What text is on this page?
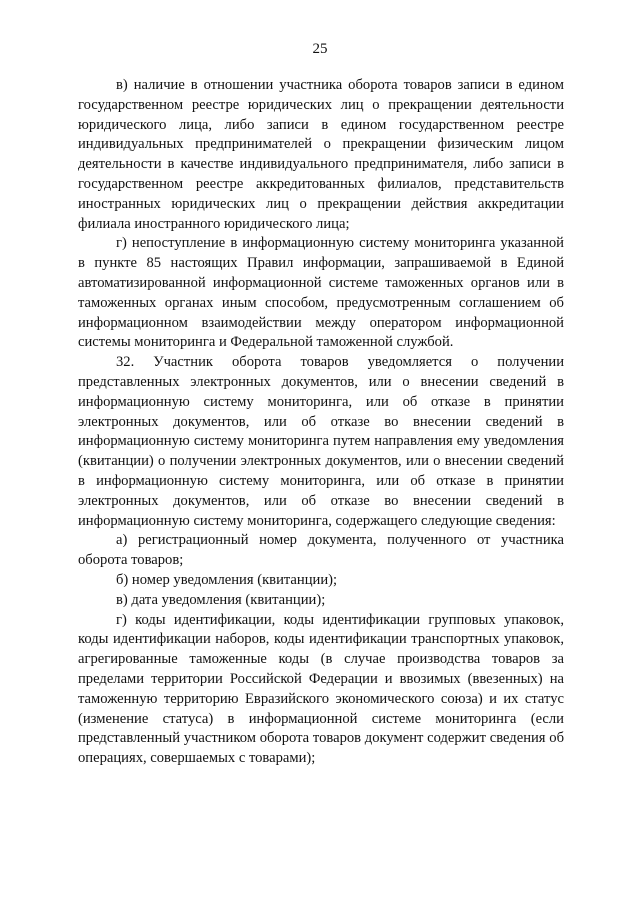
25

в) наличие в отношении участника оборота товаров записи в едином государственном реестре юридических лиц о прекращении деятельности юридического лица, либо записи в едином государственном реестре индивидуальных предпринимателей о прекращении физическим лицом деятельности в качестве индивидуального предпринимателя, либо записи в государственном реестре аккредитованных филиалов, представительств иностранных юридических лиц о прекращении действия аккредитации филиала иностранного юридического лица;

г) непоступление в информационную систему мониторинга указанной в пункте 85 настоящих Правил информации, запрашиваемой в Единой автоматизированной информационной системе таможенных органов или в таможенных органах иным способом, предусмотренным соглашением об информационном взаимодействии между оператором информационной системы мониторинга и Федеральной таможенной службой.

32. Участник оборота товаров уведомляется о получении представленных электронных документов, или о внесении сведений в информационную систему мониторинга, или об отказе в принятии электронных документов, или об отказе во внесении сведений в информационную систему мониторинга путем направления ему уведомления (квитанции) о получении электронных документов, или о внесении сведений в информационную систему мониторинга, или об отказе в принятии электронных документов, или об отказе во внесении сведений в информационную систему мониторинга, содержащего следующие сведения:

а) регистрационный номер документа, полученного от участника оборота товаров;

б) номер уведомления (квитанции);

в) дата уведомления (квитанции);

г) коды идентификации, коды идентификации групповых упаковок, коды идентификации наборов, коды идентификации транспортных упаковок, агрегированные таможенные коды (в случае производства товаров за пределами территории Российской Федерации и ввозимых (ввезенных) на таможенную территорию Евразийского экономического союза) и их статус (изменение статуса) в информационной системе мониторинга (если представленный участником оборота товаров документ содержит сведения об операциях, совершаемых с товарами);
